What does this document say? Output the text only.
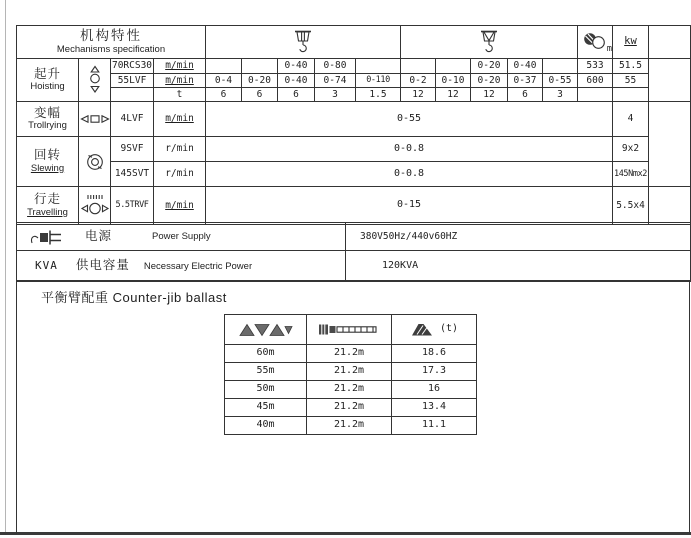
机构特性
Mechanisms specification														m	kw	

起升
Hoisting		70RCS30	m/min			0-40	0-80				0-20	0-40		533	51.5	
		55LVF	m/min	0-4	0-20	0-40	0-74	0-110	0-2	0-10	0-20	0-37	0-55	600	55	
			t	6	6	6	3	1.5	12	12	12	6	3			

变幅
Trollrying		4LVF	m/min	0-55											4	

回转
Slewing		9SVF	r/min	0-0.8											9x2	
		145SVT	r/min	0-0.8											145Nmx2	

行走
Travelling		5.5TRVF	m/min	0-15											5.5x4	
电源 Power Supply	380V50Hz/440v60HZ

KVA 供电容量 Necessary Electric Power	120KVA
平衡臂配重 Counter-jib ballast

(t)

60m	21.2m	18.6
55m	21.2m	17.3
50m	21.2m	16
45m	21.2m	13.4
40m	21.2m	11.1
